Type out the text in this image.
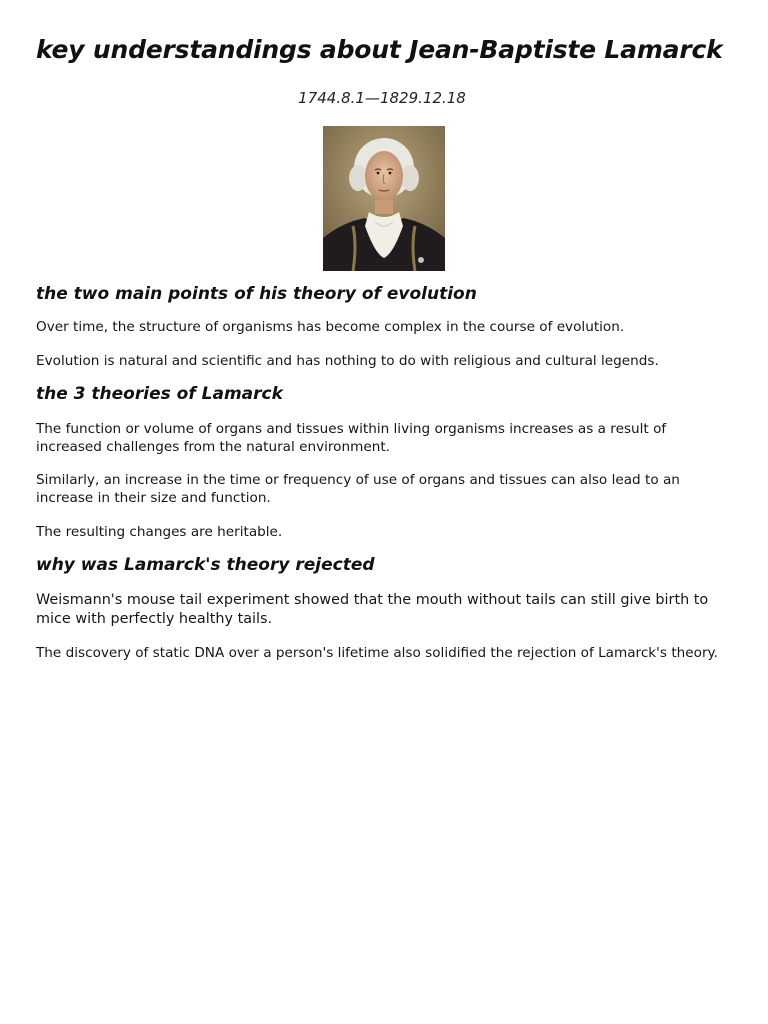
key understandings about Jean-Baptiste Lamarck
1744.8.1—1829.12.18
the two main points of his theory of evolution

Over time, the structure of organisms has become complex in the course of evolution.

Evolution is natural and scientific and has nothing to do with religious and cultural legends.

the 3 theories of Lamarck

The function or volume of organs and tissues within living organisms increases as a result of increased challenges from the natural environment.

Similarly, an increase in the time or frequency of use of organs and tissues can also lead to an increase in their size and function.

The resulting changes are heritable.

why was Lamarck's theory rejected

Weismann's mouse tail experiment showed that the mouth without tails can still give birth to mice with perfectly healthy tails.

The discovery of static DNA over a person's lifetime also solidified the rejection of Lamarck's theory.
